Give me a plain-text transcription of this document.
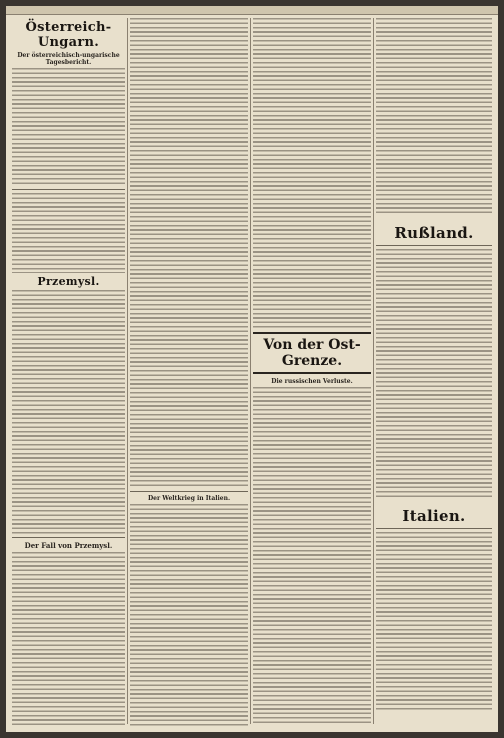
Österreich-Ungarn.
Der österreichisch-ungarische Tagesbericht.
Przemysl.
Der Fall von Przemysl.
Der Weltkrieg in Italien.
Von der Ost-Grenze.
Die russischen Verluste.
Rußland.
Italien.
